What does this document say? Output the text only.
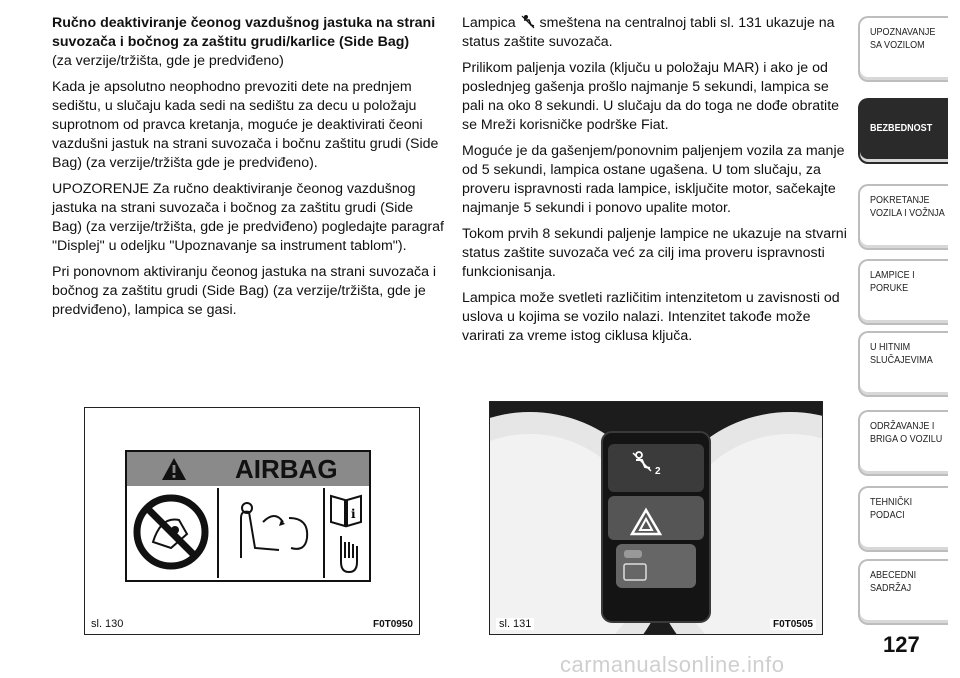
Ručno deaktiviranje čeonog vazdušnog jastuka na strani suvozača i bočnog za zaštitu grudi/karlice (Side Bag)
(za verzije/tržišta, gde je predviđeno)

Kada je apsolutno neophodno prevoziti dete na prednjem sedištu, u slučaju kada sedi na sedištu za decu u položaju suprotnom od pravca kretanja, moguće je deaktivirati čeoni vazdušni jastuk na strani suvozača i bočnu zaštitu grudi (Side Bag) (za verzije/tržišta gde je predviđeno).

UPOZORENJE Za ručno deaktiviranje čeonog vazdušnog jastuka na strani suvozača i bočnog za zaštitu grudi (Side Bag) (za verzije/tržišta, gde je predviđeno) pogledajte paragraf "Displej" u odeljku "Upoznavanje sa instrument tablom").

Pri ponovnom aktiviranju čeonog jastuka na strani suvozača i bočnog za zaštitu grudi (Side Bag) (za verzije/tržišta, gde je predviđeno), lampica se gasi.

Lampica smeštena na centralnoj tabli sl. 131 ukazuje na status zaštite suvozača.

Prilikom paljenja vozila (ključu u položaju MAR) i ako je od poslednjeg gašenja prošlo najmanje 5 sekundi, lampica se pali na oko 8 sekundi. U slučaju da do toga ne dođe obratite se Mreži korisničke podrške Fiat.

Moguće je da gašenjem/ponovnim paljenjem vozila za manje od 5 sekundi, lampica ostane ugašena. U tom slučaju, za proveru ispravnosti rada lampice, isključite motor, sačekajte najmanje 5 sekundi i ponovo upalite motor.

Tokom prvih 8 sekundi paljenje lampice ne ukazuje na stvarni status zaštite suvozača već za cilj ima proveru ispravnosti funkcionisanja.

Lampica može svetleti različitim intenzitetom u zavisnosti od uslova u kojima se vozilo nalazi. Intenzitet takođe može varirati za vreme istog ciklusa ključa.

AIRBAG
i
sl. 130	F0T0950
2
sl. 131	F0T0505
UPOZNAVANJE SA VOZILOM
BEZBEDNOST
POKRETANJE VOZILA I VOŽNJA
LAMPICE I PORUKE
U HITNIM SLUČAJEVIMA
ODRŽAVANJE I BRIGA O VOZILU
TEHNIČKI PODACI
ABECEDNI SADRŽAJ
127
carmanualsonline.info
